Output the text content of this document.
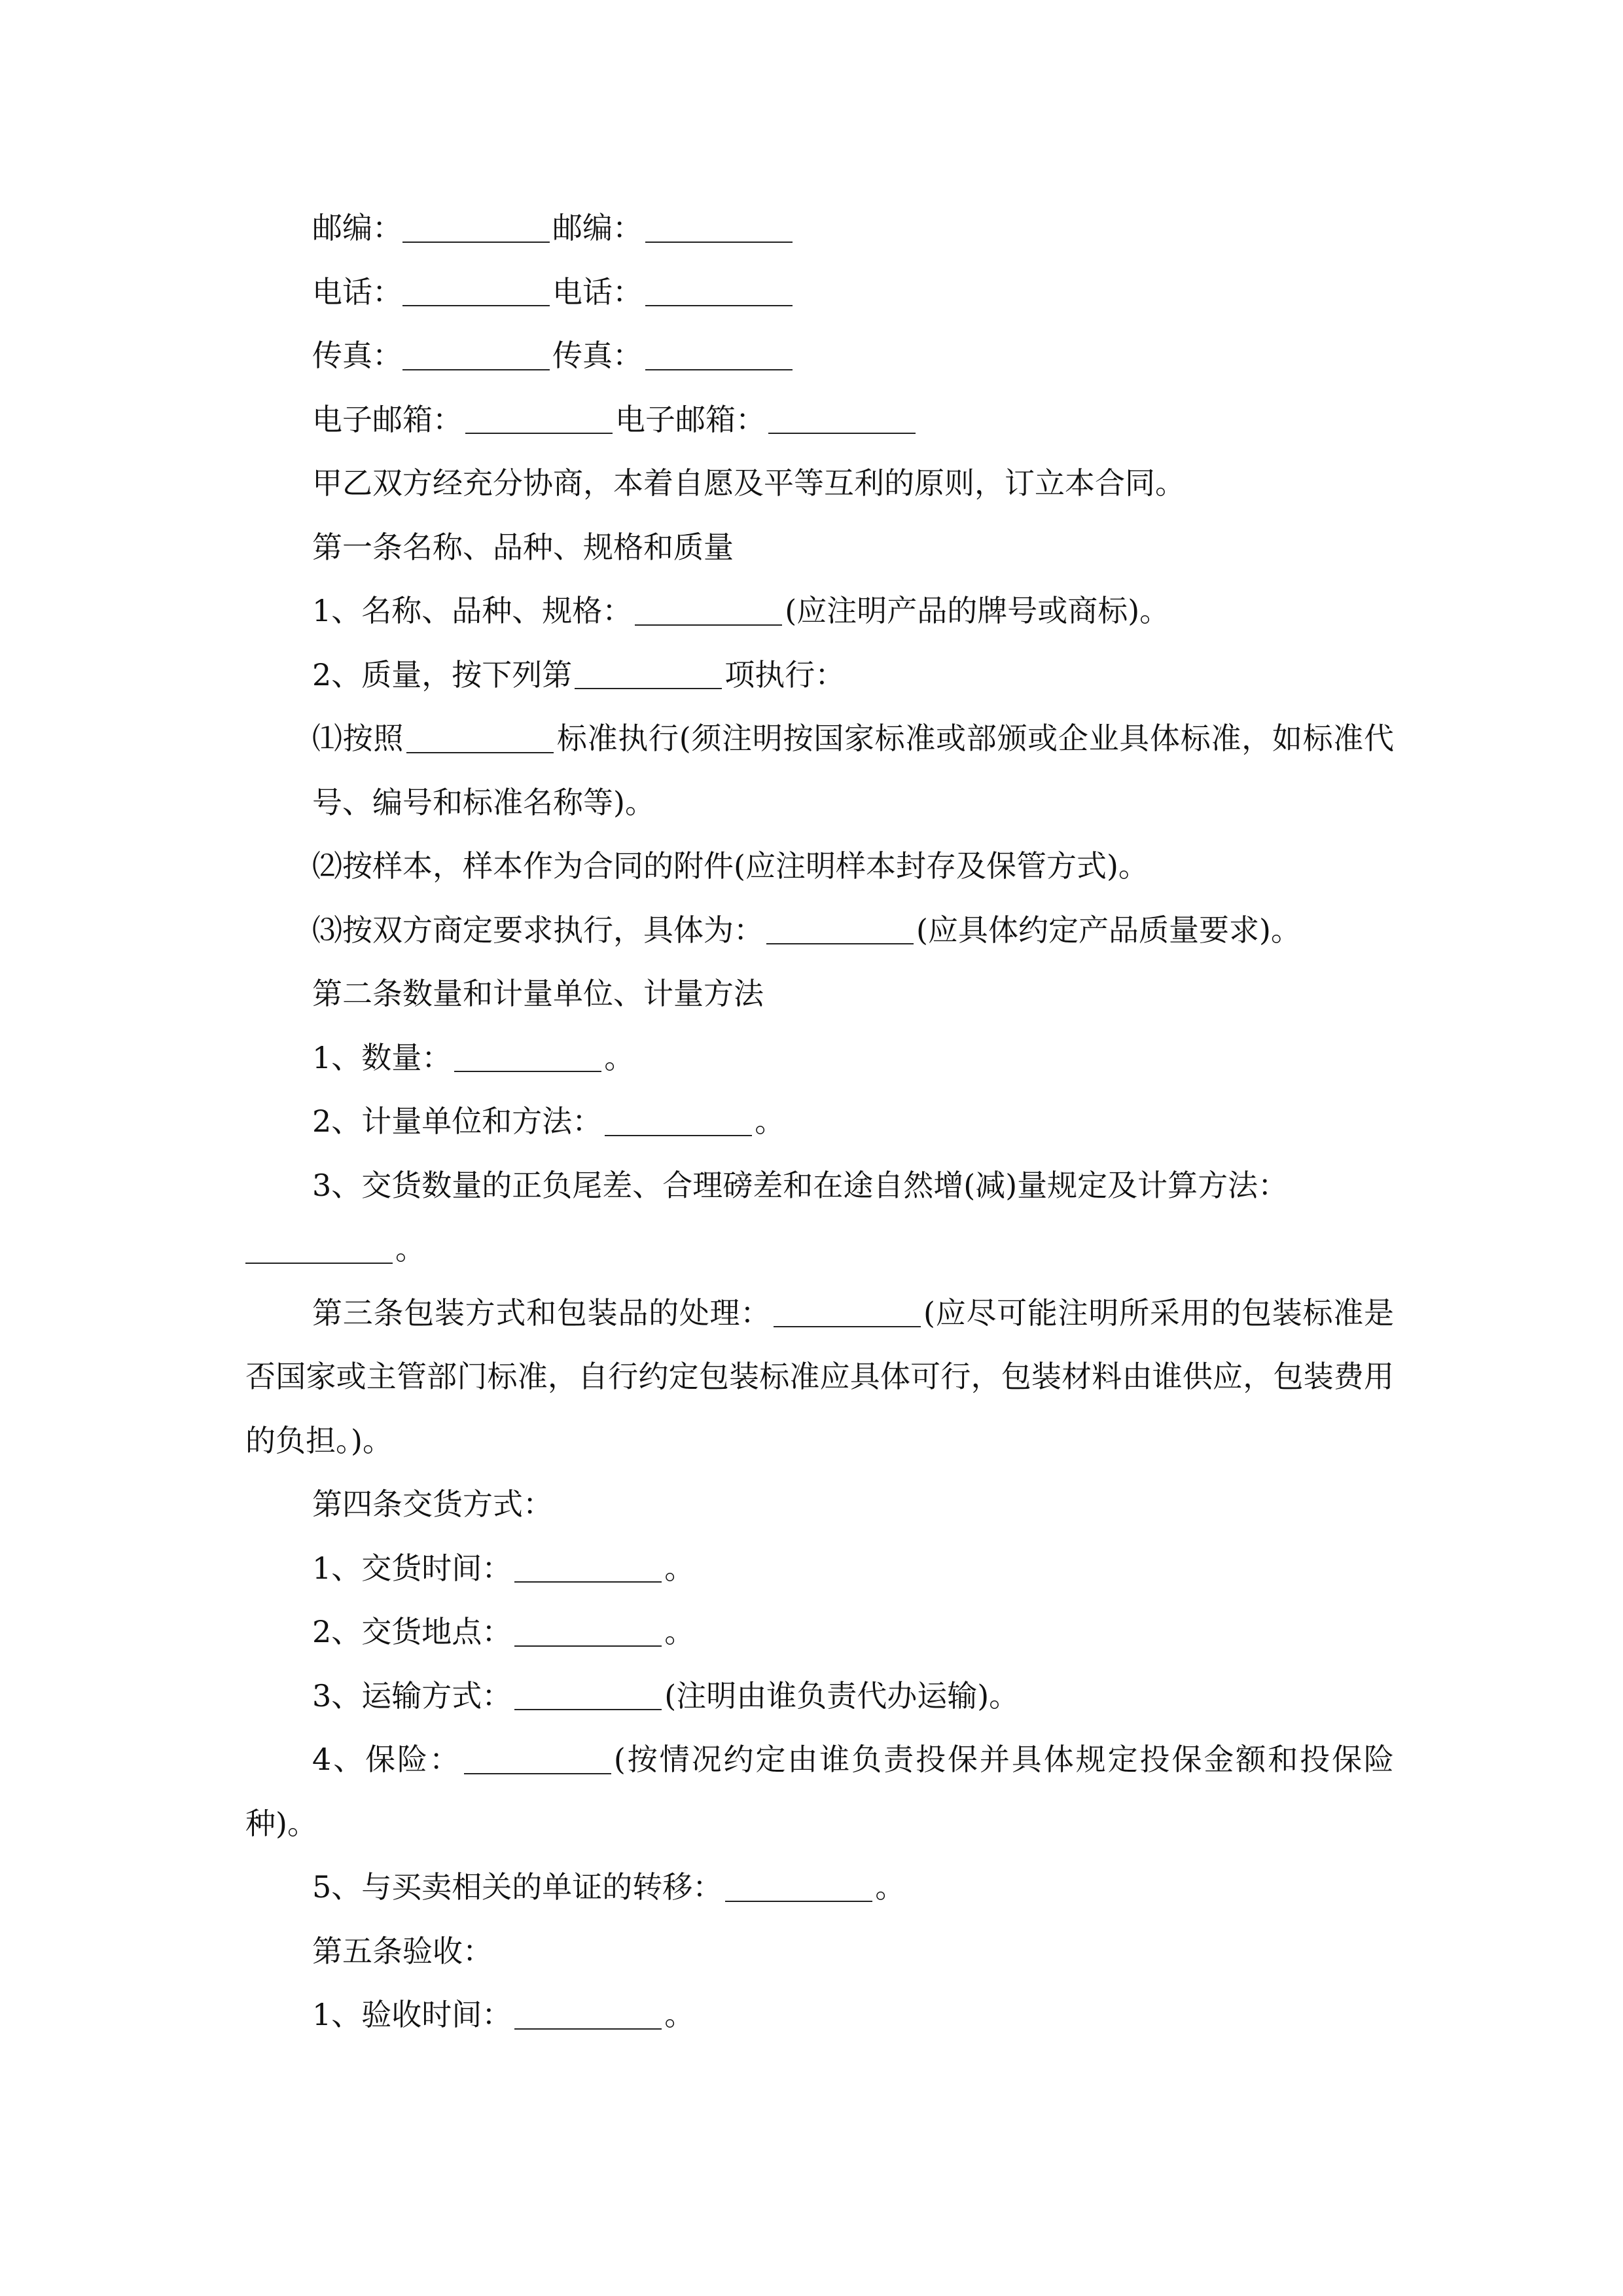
邮编：	邮编：

电话：	电话：

传真：	传真：

电子邮箱：	电子邮箱：

甲乙双方经充分协商，本着自愿及平等互利的原则，订立本合同。

第一条名称、品种、规格和质量

1、名称、品种、规格：	(应注明产品的牌号或商标)。

2、质量，按下列第	项执行：

⑴按照	标准执行(须注明按国家标准或部颁或企业具体标准，如标准代号、编号和标准名称等)。

⑵按样本，样本作为合同的附件(应注明样本封存及保管方式)。

⑶按双方商定要求执行，具体为：	(应具体约定产品质量要求)。

第二条数量和计量单位、计量方法

1、数量：	。

2、计量单位和方法：	。

3、交货数量的正负尾差、合理磅差和在途自然增(减)量规定及计算方法：

。

第三条包装方式和包装品的处理：	(应尽可能注明所采用的包装标准是否国家或主管部门标准，自行约定包装标准应具体可行，包装材料由谁供应，包装费用的负担。)。

第四条交货方式：

1、交货时间：	。

2、交货地点：	。

3、运输方式：	(注明由谁负责代办运输)。

4、保险：	(按情况约定由谁负责投保并具体规定投保金额和投保险种)。

5、与买卖相关的单证的转移：	。

第五条验收：

1、验收时间：	。
